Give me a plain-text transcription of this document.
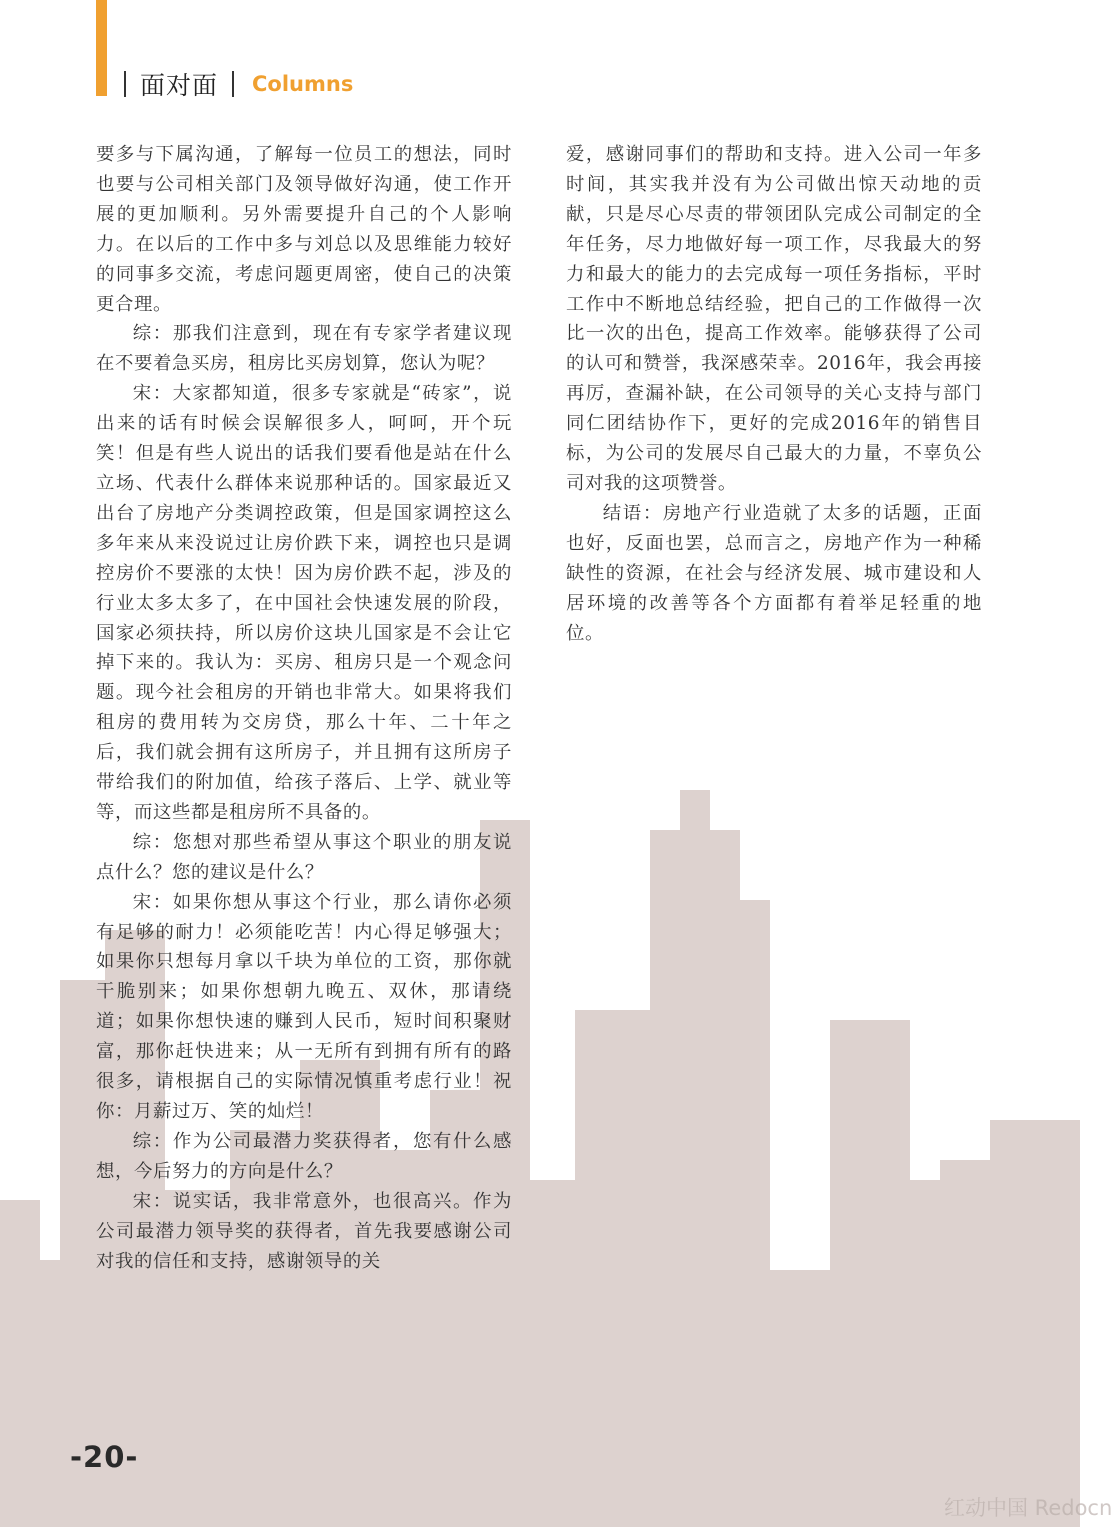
面对面 Columns

要多与下属沟通，了解每一位员工的想法，同时也要与公司相关部门及领导做好沟通，使工作开展的更加顺利。另外需要提升自己的个人影响力。在以后的工作中多与刘总以及思维能力较好的同事多交流，考虑问题更周密，使自己的决策更合理。

综：那我们注意到，现在有专家学者建议现在不要着急买房，租房比买房划算，您认为呢？

宋：大家都知道，很多专家就是“砖家”，说出来的话有时候会误解很多人，呵呵，开个玩笑！但是有些人说出的话我们要看他是站在什么立场、代表什么群体来说那种话的。国家最近又出台了房地产分类调控政策，但是国家调控这么多年来从来没说过让房价跌下来，调控也只是调控房价不要涨的太快！因为房价跌不起，涉及的行业太多太多了，在中国社会快速发展的阶段，国家必须扶持，所以房价这块儿国家是不会让它掉下来的。我认为：买房、租房只是一个观念问题。现今社会租房的开销也非常大。如果将我们租房的费用转为交房贷，那么十年、二十年之后，我们就会拥有这所房子，并且拥有这所房子带给我们的附加值，给孩子落后、上学、就业等等，而这些都是租房所不具备的。

综：您想对那些希望从事这个职业的朋友说点什么？您的建议是什么？

宋：如果你想从事这个行业，那么请你必须有足够的耐力！必须能吃苦！内心得足够强大；如果你只想每月拿以千块为单位的工资，那你就干脆别来；如果你想朝九晚五、双休，那请绕道；如果你想快速的赚到人民币，短时间积聚财富，那你赶快进来；从一无所有到拥有所有的路很多，请根据自己的实际情况慎重考虑行业！祝你：月薪过万、笑的灿烂！

综：作为公司最潜力奖获得者，您有什么感想，今后努力的方向是什么？

宋：说实话，我非常意外，也很高兴。作为公司最潜力领导奖的获得者，首先我要感谢公司对我的信任和支持，感谢领导的关

爱，感谢同事们的帮助和支持。进入公司一年多时间，其实我并没有为公司做出惊天动地的贡献，只是尽心尽责的带领团队完成公司制定的全年任务，尽力地做好每一项工作，尽我最大的努力和最大的能力的去完成每一项任务指标，平时工作中不断地总结经验，把自己的工作做得一次比一次的出色，提高工作效率。能够获得了公司的认可和赞誉，我深感荣幸。2016年，我会再接再厉，查漏补缺，在公司领导的关心支持与部门同仁团结协作下，更好的完成2016年的销售目标，为公司的发展尽自己最大的力量，不辜负公司对我的这项赞誉。

结语：房地产行业造就了太多的话题，正面也好，反面也罢，总而言之，房地产作为一种稀缺性的资源，在社会与经济发展、城市建设和人居环境的改善等各个方面都有着举足轻重的地位。

-20-
红动中国 Redocn
